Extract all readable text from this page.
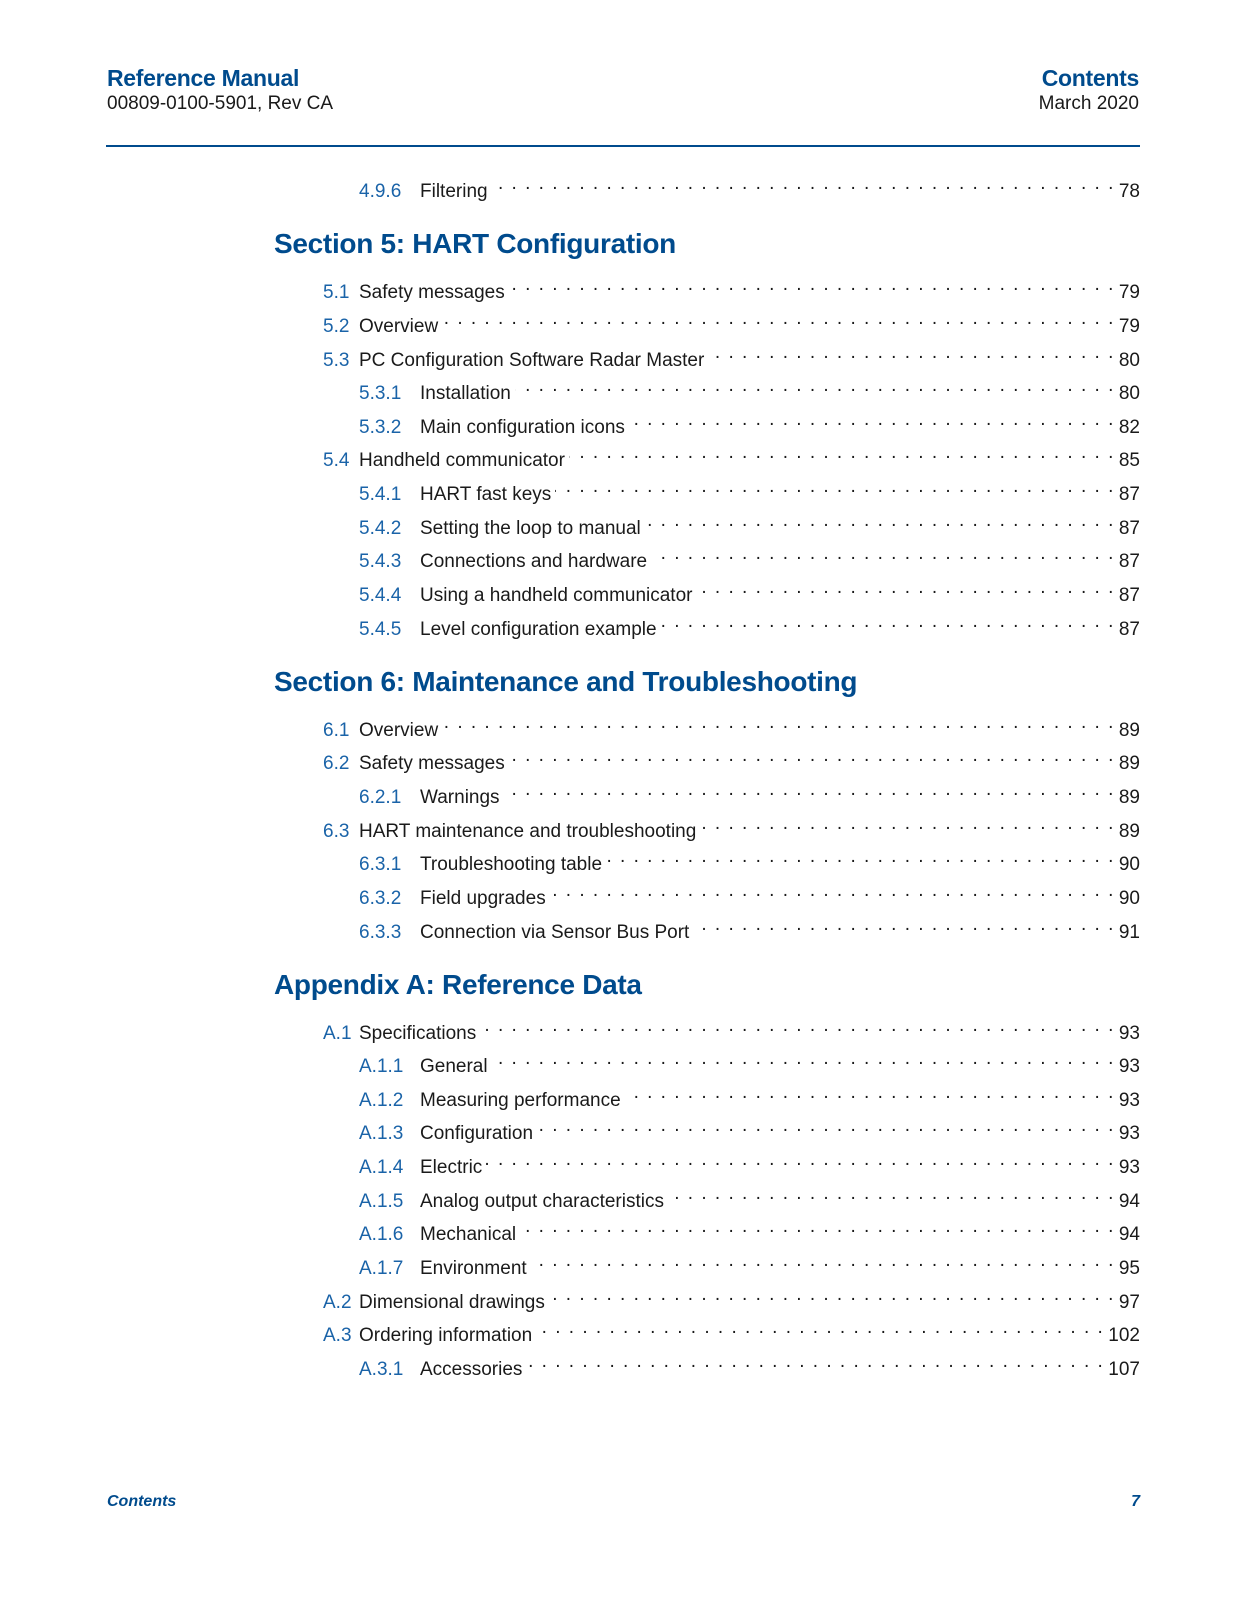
Reference Manual
00809-0100-5901, Rev CA
Contents
March 2020
4.9.6 Filtering . . .	78
Section 5: HART Configuration
5.1 Safety messages . . .	79
5.2 Overview . . .	79
5.3 PC Configuration Software Radar Master . . .	80
5.3.1 Installation . . .	80
5.3.2 Main configuration icons . . .	82
5.4 Handheld communicator . . .	85
5.4.1 HART fast keys . . .	87
5.4.2 Setting the loop to manual . . .	87
5.4.3 Connections and hardware . . .	87
5.4.4 Using a handheld communicator . . .	87
5.4.5 Level configuration example . . .	87
Section 6: Maintenance and Troubleshooting
6.1 Overview . . .	89
6.2 Safety messages . . .	89
6.2.1 Warnings . . .	89
6.3 HART maintenance and troubleshooting . . .	89
6.3.1 Troubleshooting table . . .	90
6.3.2 Field upgrades . . .	90
6.3.3 Connection via Sensor Bus Port . . .	91
Appendix A: Reference Data
A.1 Specifications . . .	93
A.1.1 General . . .	93
A.1.2 Measuring performance . . .	93
A.1.3 Configuration . . .	93
A.1.4 Electric . . .	93
A.1.5 Analog output characteristics . . .	94
A.1.6 Mechanical . . .	94
A.1.7 Environment . . .	95
A.2 Dimensional drawings . . .	97
A.3 Ordering information . . .	102
A.3.1 Accessories . . .	107
Contents	7
